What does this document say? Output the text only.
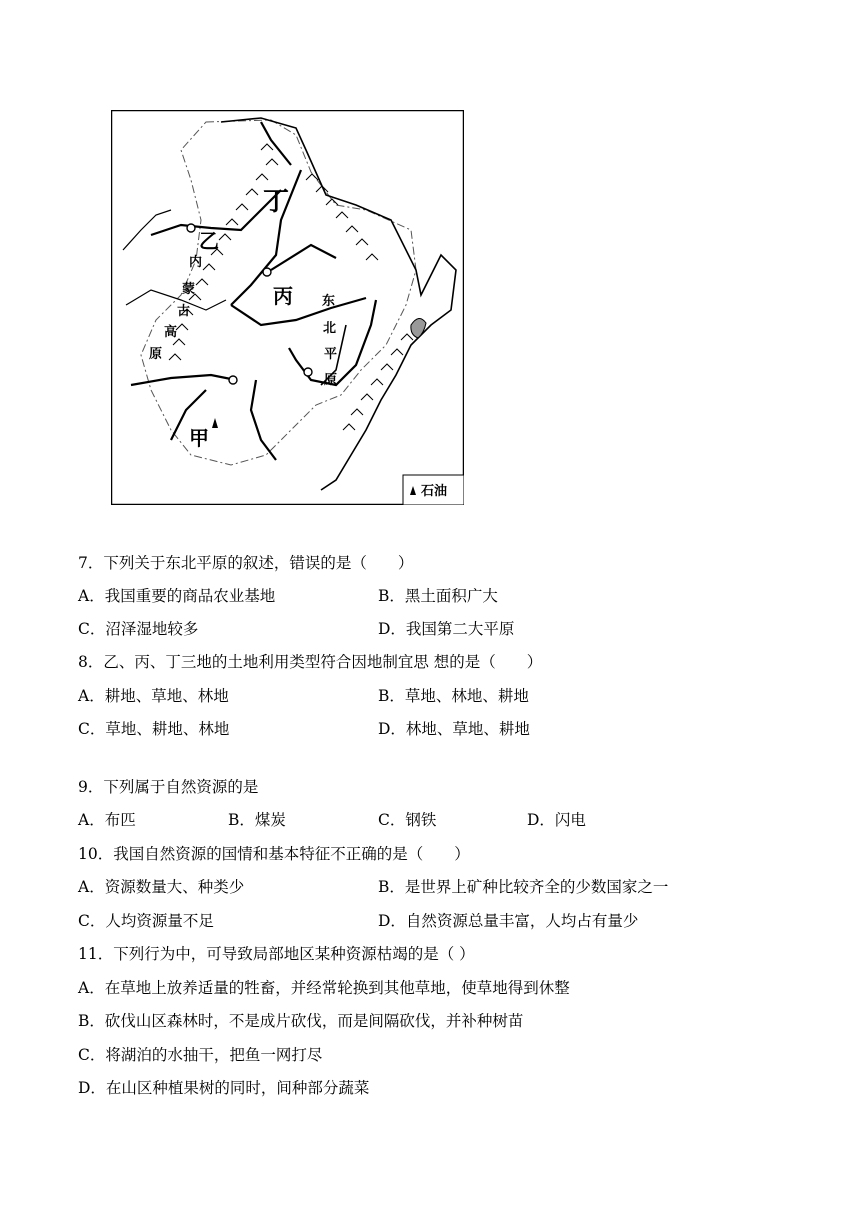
丁
乙
丙
甲
内
蒙
古
高
原
东
北
平
原
石油
7．下列关于东北平原的叙述，错误的是（　　）
A．我国重要的商品农业基地	B．黑土面积广大
C．沼泽湿地较多	D．我国第二大平原
8．乙、丙、丁三地的土地利用类型符合因地制宜思 想的是（　　）
A．耕地、草地、林地	B．草地、林地、耕地
C．草地、耕地、林地	D．林地、草地、耕地
9．下列属于自然资源的是
A．布匹	B．煤炭	C．钢铁	D．闪电
10．我国自然资源的国情和基本特征不正确的是（　　）
A．资源数量大、种类少	B．是世界上矿种比较齐全的少数国家之一
C．人均资源量不足	D．自然资源总量丰富，人均占有量少
11．下列行为中，可导致局部地区某种资源枯竭的是（ ）
A．在草地上放养适量的牲畜，并经常轮换到其他草地，使草地得到休整
B．砍伐山区森林时，不是成片砍伐，而是间隔砍伐，并补种树苗
C．将湖泊的水抽干，把鱼一网打尽
D．在山区种植果树的同时，间种部分蔬菜
